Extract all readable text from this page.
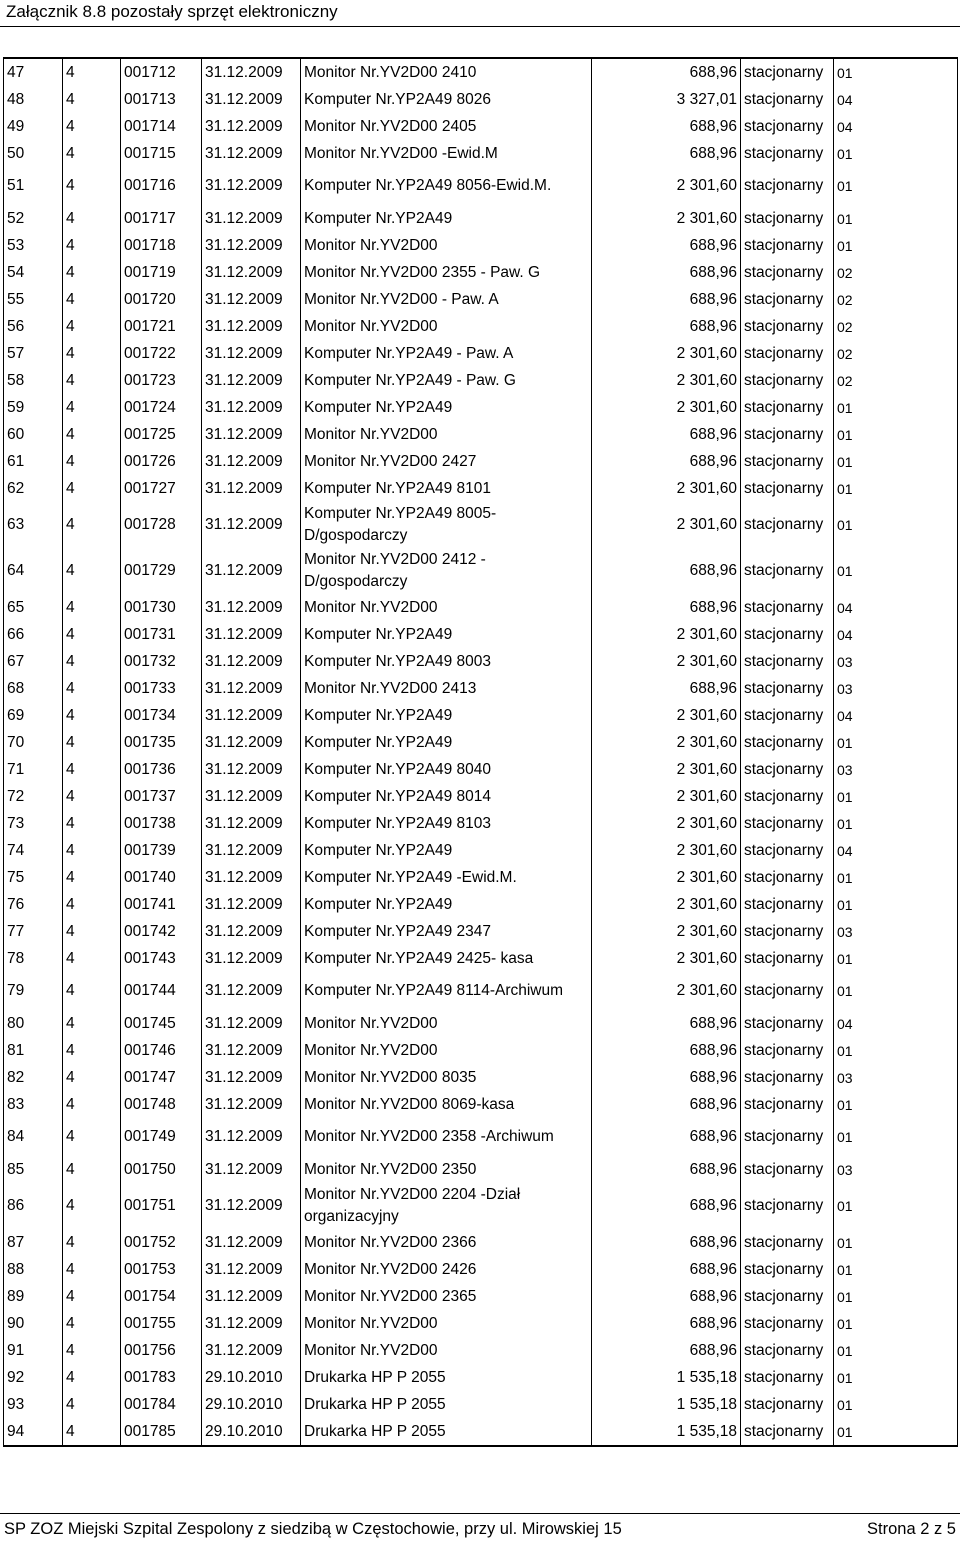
Załącznik 8.8 pozostały sprzęt elektroniczny
47	4	001712	31.12.2009	Monitor Nr.YV2D00 2410	688,96	stacjonarny	01
48	4	001713	31.12.2009	Komputer Nr.YP2A49 8026	3 327,01	stacjonarny	04
49	4	001714	31.12.2009	Monitor Nr.YV2D00 2405	688,96	stacjonarny	04
50	4	001715	31.12.2009	Monitor Nr.YV2D00 -Ewid.M	688,96	stacjonarny	01
51	4	001716	31.12.2009	Komputer Nr.YP2A49 8056-Ewid.M.	2 301,60	stacjonarny	01
52	4	001717	31.12.2009	Komputer Nr.YP2A49	2 301,60	stacjonarny	01
53	4	001718	31.12.2009	Monitor Nr.YV2D00	688,96	stacjonarny	01
54	4	001719	31.12.2009	Monitor Nr.YV2D00 2355 - Paw. G	688,96	stacjonarny	02
55	4	001720	31.12.2009	Monitor Nr.YV2D00 - Paw. A	688,96	stacjonarny	02
56	4	001721	31.12.2009	Monitor Nr.YV2D00	688,96	stacjonarny	02
57	4	001722	31.12.2009	Komputer Nr.YP2A49 - Paw. A	2 301,60	stacjonarny	02
58	4	001723	31.12.2009	Komputer Nr.YP2A49 - Paw. G	2 301,60	stacjonarny	02
59	4	001724	31.12.2009	Komputer Nr.YP2A49	2 301,60	stacjonarny	01
60	4	001725	31.12.2009	Monitor Nr.YV2D00	688,96	stacjonarny	01
61	4	001726	31.12.2009	Monitor Nr.YV2D00 2427	688,96	stacjonarny	01
62	4	001727	31.12.2009	Komputer Nr.YP2A49 8101	2 301,60	stacjonarny	01
63	4	001728	31.12.2009	Komputer Nr.YP2A49 8005-D/gospodarczy	2 301,60	stacjonarny	01
64	4	001729	31.12.2009	Monitor Nr.YV2D00 2412 -D/gospodarczy	688,96	stacjonarny	01
65	4	001730	31.12.2009	Monitor Nr.YV2D00	688,96	stacjonarny	04
66	4	001731	31.12.2009	Komputer Nr.YP2A49	2 301,60	stacjonarny	04
67	4	001732	31.12.2009	Komputer Nr.YP2A49 8003	2 301,60	stacjonarny	03
68	4	001733	31.12.2009	Monitor Nr.YV2D00 2413	688,96	stacjonarny	03
69	4	001734	31.12.2009	Komputer Nr.YP2A49	2 301,60	stacjonarny	04
70	4	001735	31.12.2009	Komputer Nr.YP2A49	2 301,60	stacjonarny	01
71	4	001736	31.12.2009	Komputer Nr.YP2A49 8040	2 301,60	stacjonarny	03
72	4	001737	31.12.2009	Komputer Nr.YP2A49 8014	2 301,60	stacjonarny	01
73	4	001738	31.12.2009	Komputer Nr.YP2A49 8103	2 301,60	stacjonarny	01
74	4	001739	31.12.2009	Komputer Nr.YP2A49	2 301,60	stacjonarny	04
75	4	001740	31.12.2009	Komputer Nr.YP2A49 -Ewid.M.	2 301,60	stacjonarny	01
76	4	001741	31.12.2009	Komputer Nr.YP2A49	2 301,60	stacjonarny	01
77	4	001742	31.12.2009	Komputer Nr.YP2A49 2347	2 301,60	stacjonarny	03
78	4	001743	31.12.2009	Komputer Nr.YP2A49 2425- kasa	2 301,60	stacjonarny	01
79	4	001744	31.12.2009	Komputer Nr.YP2A49 8114-Archiwum	2 301,60	stacjonarny	01
80	4	001745	31.12.2009	Monitor Nr.YV2D00	688,96	stacjonarny	04
81	4	001746	31.12.2009	Monitor Nr.YV2D00	688,96	stacjonarny	01
82	4	001747	31.12.2009	Monitor Nr.YV2D00 8035	688,96	stacjonarny	03
83	4	001748	31.12.2009	Monitor Nr.YV2D00 8069-kasa	688,96	stacjonarny	01
84	4	001749	31.12.2009	Monitor Nr.YV2D00 2358 -Archiwum	688,96	stacjonarny	01
85	4	001750	31.12.2009	Monitor Nr.YV2D00 2350	688,96	stacjonarny	03
86	4	001751	31.12.2009	Monitor Nr.YV2D00 2204 -Dział organizacyjny	688,96	stacjonarny	01
87	4	001752	31.12.2009	Monitor Nr.YV2D00 2366	688,96	stacjonarny	01
88	4	001753	31.12.2009	Monitor Nr.YV2D00 2426	688,96	stacjonarny	01
89	4	001754	31.12.2009	Monitor Nr.YV2D00 2365	688,96	stacjonarny	01
90	4	001755	31.12.2009	Monitor Nr.YV2D00	688,96	stacjonarny	01
91	4	001756	31.12.2009	Monitor Nr.YV2D00	688,96	stacjonarny	01
92	4	001783	29.10.2010	Drukarka HP P 2055	1 535,18	stacjonarny	01
93	4	001784	29.10.2010	Drukarka HP P 2055	1 535,18	stacjonarny	01
94	4	001785	29.10.2010	Drukarka HP P 2055	1 535,18	stacjonarny	01
SP ZOZ Miejski Szpital Zespolony z siedzibą w Częstochowie, przy ul. Mirowskiej 15	Strona 2 z 5
